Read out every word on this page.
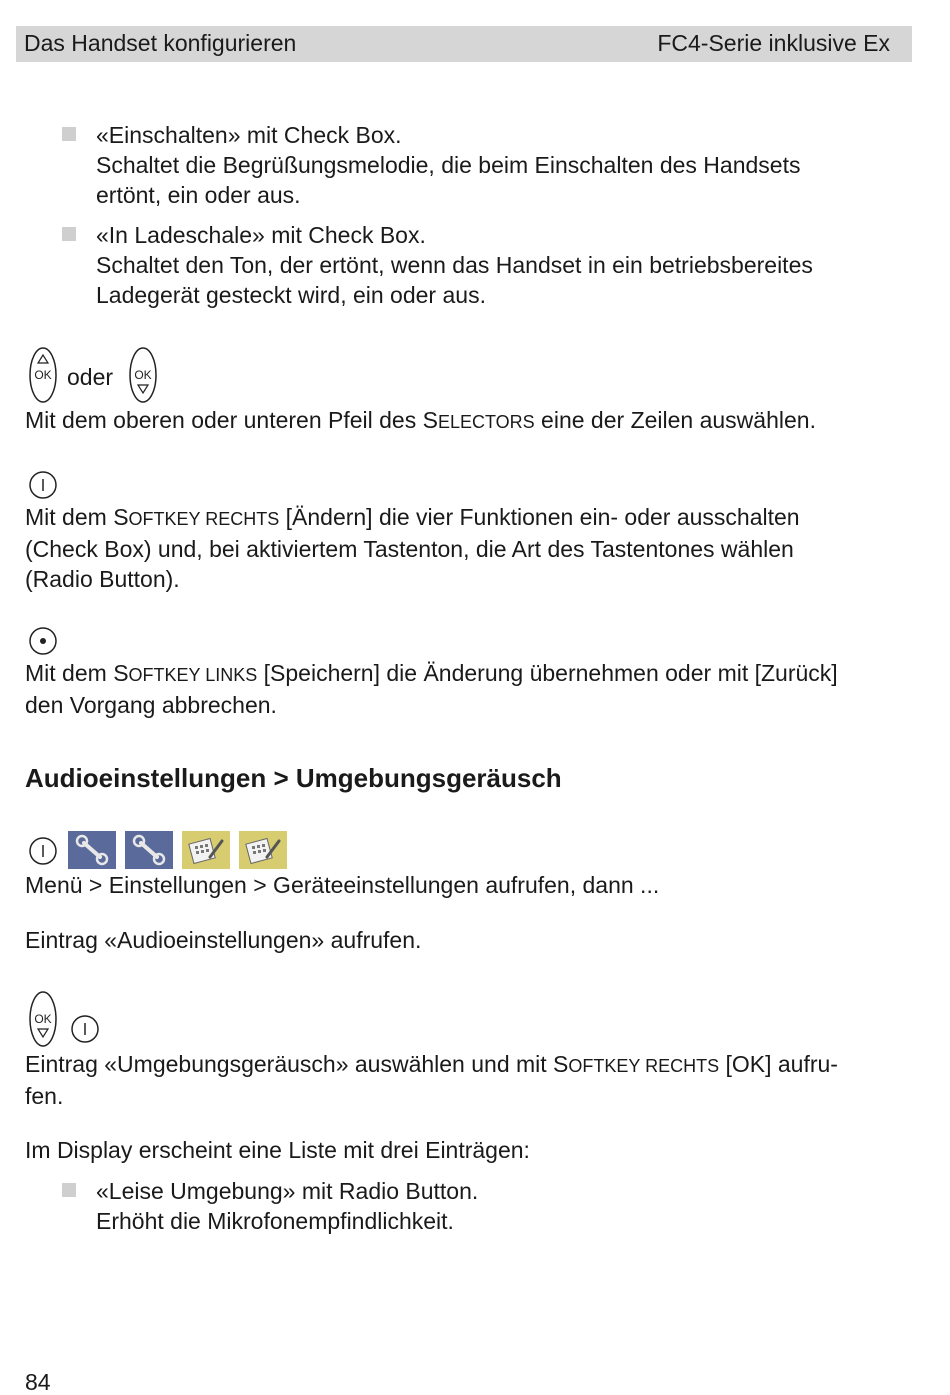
Das Handset konfigurieren	FC4-Serie inklusive Ex
«Einschalten» mit Check Box.
Schaltet die Begrüßungsmelodie, die beim Einschalten des Handsets
ertönt, ein oder aus.
«In Ladeschale» mit Check Box.
Schaltet den Ton, der ertönt, wenn das Handset in ein betriebsbereites
Ladegerät gesteckt wird, ein oder aus.
OK oder	OK
Mit dem oberen oder unteren Pfeil des SELECTORS eine der Zeilen auswählen.
Mit dem SOFTKEY RECHTS [Ändern] die vier Funktionen ein- oder ausschalten
(Check Box) und, bei aktiviertem Tastenton, die Art des Tastentones wählen
(Radio Button).
Mit dem SOFTKEY LINKS [Speichern] die Änderung übernehmen oder mit [Zurück]
den Vorgang abbrechen.
Audioeinstellungen > Umgebungsgeräusch
Menü > Einstellungen > Geräteeinstellungen aufrufen, dann ...
Eintrag «Audioeinstellungen» aufrufen.
OK
Eintrag «Umgebungsgeräusch» auswählen und mit SOFTKEY RECHTS [OK] aufru-
fen.
Im Display erscheint eine Liste mit drei Einträgen:
«Leise Umgebung» mit Radio Button.
Erhöht die Mikrofonempfindlichkeit.
84
